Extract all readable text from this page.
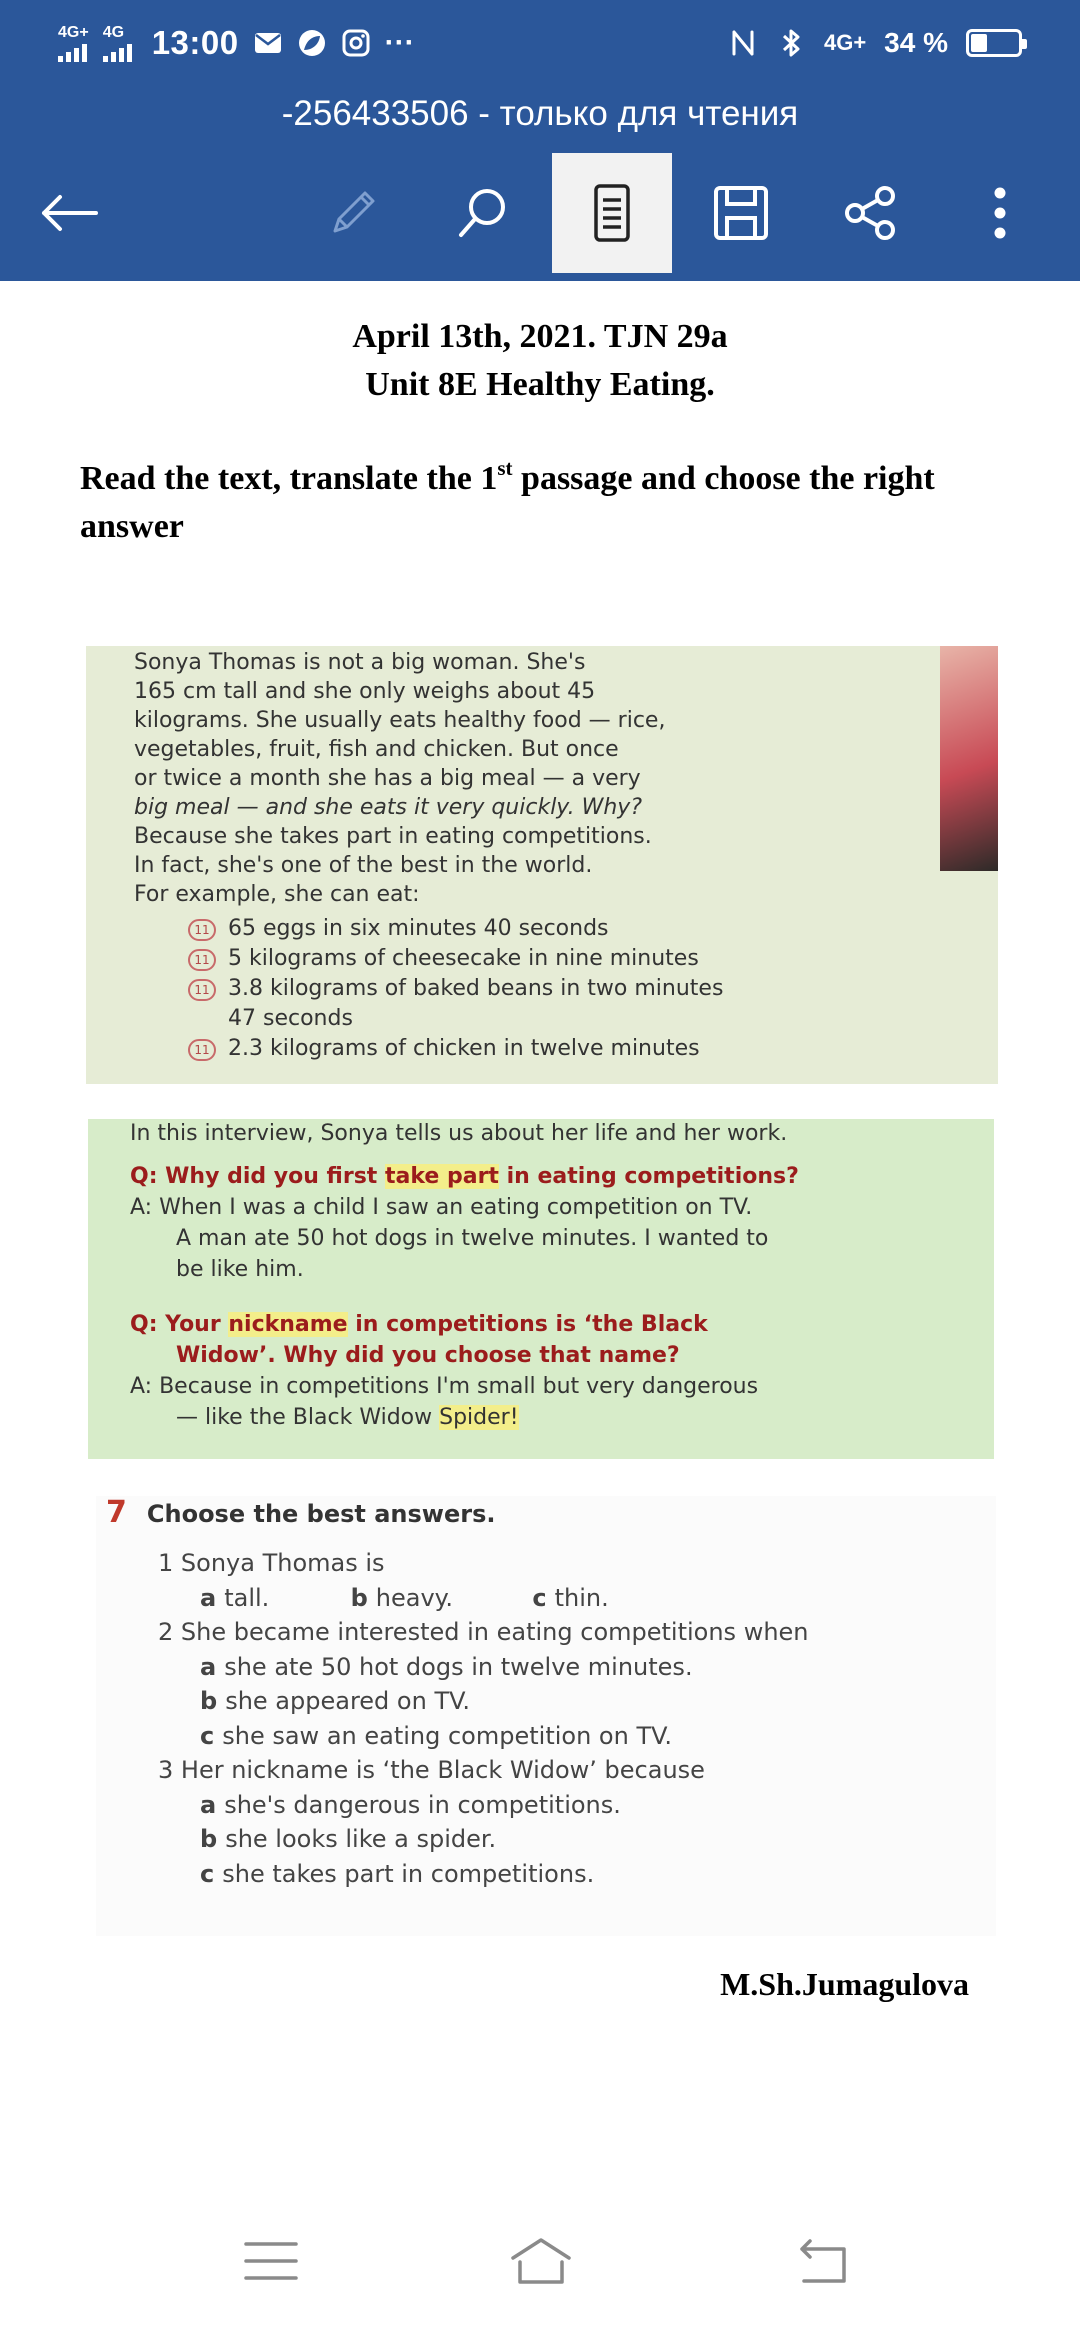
4G+ 4G 13:00	···	4G+ 34 %
-256433506 - только для чтения
April 13th, 2021. TJN 29a
Unit 8E Healthy Eating.
Read the text, translate the 1st passage and choose the right answer
Sonya Thomas is not a big woman. She's
165 cm tall and she only weighs about 45
kilograms. She usually eats healthy food — rice,
vegetables, fruit, fish and chicken. But once
or twice a month she has a big meal — a very
big meal — and she eats it very quickly. Why?
Because she takes part in eating competitions.
In fact, she's one of the best in the world.
For example, she can eat:
11 65 eggs in six minutes 40 seconds
11 5 kilograms of cheesecake in nine minutes
11 3.8 kilograms of baked beans in two minutes
47 seconds
11 2.3 kilograms of chicken in twelve minutes
In this interview, Sonya tells us about her life and her work.
Q: Why did you first take part in eating competitions?
A: When I was a child I saw an eating competition on TV.
A man ate 50 hot dogs in twelve minutes. I wanted to
be like him.
Q: Your nickname in competitions is ‘the Black
Widow’. Why did you choose that name?
A: Because in competitions I'm small but very dangerous
— like the Black Widow Spider!
7 Choose the best answers.
1 Sonya Thomas is
a tall.	b heavy.	c thin.
2 She became interested in eating competitions when
a she ate 50 hot dogs in twelve minutes.
b she appeared on TV.
c she saw an eating competition on TV.
3 Her nickname is ‘the Black Widow’ because
a she's dangerous in competitions.
b she looks like a spider.
c she takes part in competitions.
M.Sh.Jumagulova
